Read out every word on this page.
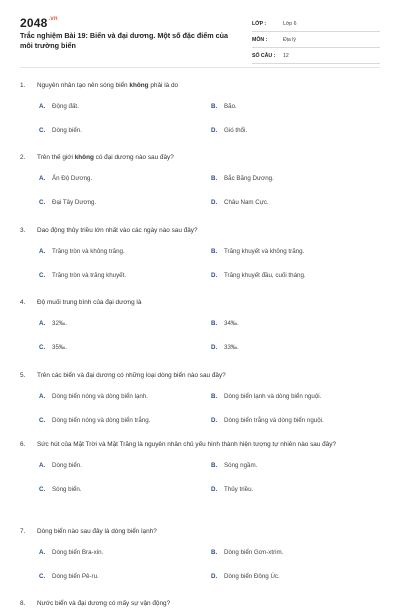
$2048^{.vn}$
Trắc nghiệm Bài 19: Biển và đại dương. Một số đặc điểm của môi trường biển
LỚP :	Lớp 6
MÔN :	Địa lý
SỐ CÂU :	12
1.	Nguyên nhân tạo nên sóng biển không phải là do
A.	Động đất.	B.	Bão.
C.	Dòng biển.	D.	Gió thổi.
2.	Trên thế giới không có đại dương nào sau đây?
A.	Ấn Độ Dương.	B.	Bắc Băng Dương.
C.	Đại Tây Dương.	D.	Châu Nam Cực.
3.	Dao động thủy triều lớn nhất vào các ngày nào sau đây?
A.	Trăng tròn và không trăng.	B.	Trăng khuyết và không trăng.
C.	Trăng tròn và trăng khuyết.	D.	Trăng khuyết đầu, cuối tháng.
4.	Độ muối trung bình của đại dương là
A.	32‰.	B.	34‰.
C.	35‰.	D.	33‰.
5.	Trên các biển và đại dương có những loại dòng biển nào sau đây?
A.	Dòng biển nóng và dòng biển lạnh.	B.	Dòng biển lạnh và dòng biển nguội.
C.	Dòng biển nóng và dòng biển trắng.	D.	Dòng biển trắng và dòng biển nguội.
6.	Sức hút của Mặt Trời và Mặt Trăng là nguyên nhân chủ yếu hình thành hiện tượng tự nhiên nào sau đây?
A.	Dòng biển.	B.	Sóng ngầm.
C.	Sóng biển.	D.	Thủy triều.
7.	Dòng biển nào sau đây là dòng biển lạnh?
A.	Dòng biển Bra-xin.	B.	Dòng biển Gơn-xtrim.
C.	Dòng biển Pê-ru.	D.	Dòng biển Đông Úc.
8.	Nước biển và đại dương có mấy sự vận động?
